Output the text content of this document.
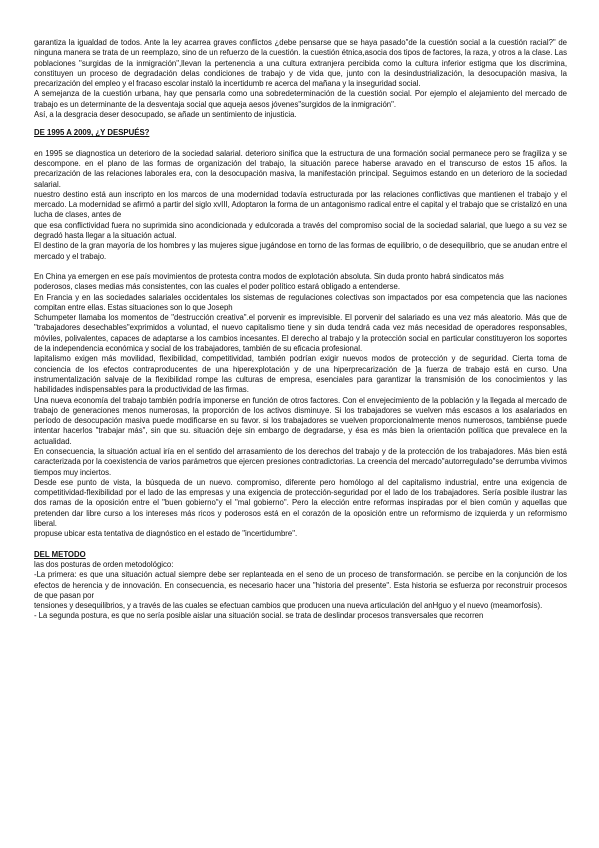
garantiza la igualdad de todos. Ante la ley acarrea graves conflictos ¿debe pensarse que se haya pasado"de la cuestión social a la cuestión racial?" de ninguna manera se trata de un reemplazo, sino de un refuerzo de la cuestión. la cuestión étnica,asocia dos tipos de factores, la raza, y otros a la clase. Las poblaciones "surgidas de la inmigración",llevan la pertenencia a una cultura extranjera percibida como la cultura inferior estigma que los discrimina, constituyen un proceso de degradación delas condiciones de trabajo y de vida que, junto con la desindustrialización, la desocupación masiva, la precarización del empleo y el fracaso escolar instalò la incertidumb re acerca del mañana y la inseguridad social.

A semejanza de la cuestión urbana, hay que pensarla como una sobredeterminación de la cuestión social. Por ejemplo el alejamiento del mercado de trabajo es un determinante de la desventaja social que aqueja aesos jóvenes"surgidos de la inmigración".

Así, a la desgracia deser desocupado, se añade un sentimiento de injusticia.

DE 1995 A 2009, ¿Y DESPUÉS?

en 1995 se diagnostica un deterioro de la sociedad salarial. deterioro sinifica que la estructura de una formación social permanece pero se fragiliza y se descompone. en el plano de las formas de organización del trabajo, la situación parece haberse aravado en el transcurso de estos 15 años. la precarización de las relaciones laborales era, con la desocupación masiva, la manifestación principal. Seguimos estando en un deterioro de la sociedad salarial.

nuestro destino está aun inscripto en los marcos de una modernidad todavía estructurada por las relaciones conflictivas que mantienen el trabajo y el mercado. La modernidad se afirmó a partir del siglo xvIII, Adoptaron la forma de un antagonismo radical entre el capital y el trabajo que se cristalizó en una lucha de clases, antes de

que esa conflictividad fuera no suprimida sino acondicionada y edulcorada a través del compromiso social de la sociedad salarial, que luego a su vez se degradó hasta llegar a la situación actual.

El destino de la gran mayoría de los hombres y las mujeres sigue jugándose en torno de las formas de equilibrio, o de desequilibrio, que se anudan entre el mercado y el trabajo.

En China ya emergen en ese país movimientos de protesta contra modos de explotación absoluta. Sin duda pronto habrá sindicatos más

poderosos, clases medias más consistentes, con las cuales el poder político estará obligado a entenderse.

En Francia y en las sociedades salariales occidentales los sistemas de regulaciones colectivas son impactados por esa competencia que las naciones compitan entre ellas. Estas situaciones son lo que Joseph

Schumpeter llamaba los momentos de "destrucción creativa".el porvenir es imprevisible. El porvenir del salariado es una vez más aleatorio. Más que de "trabajadores desechables"exprimidos a voluntad, el nuevo capitalismo tiene y sin duda tendrá cada vez más necesidad de operadores responsables, móviles, polivalentes, capaces de adaptarse a los cambios incesantes. El derecho al trabajo y la protección social en particular constituyeron los soportes de la independencia económica y social de los trabajadores, también de su eficacia profesional.

lapitalismo exigen más movilidad, flexibilidad, competitividad, también podrían exigir nuevos modos de protección y de seguridad. Cierta toma de conciencia de los efectos contraproducentes de una hiperexplotación y de una hiperprecarización de ]a fuerza de trabajo está en curso. Una instrumentalización salvaje de la flexibilidad rompe las culturas de empresa, esenciales para garantizar la transmisión de los conocimientos y las habilidades indispensables para la productividad de las firmas.

Una nueva economía del trabajo también podría imponerse en función de otros factores. Con el envejecimiento de la población y la llegada al mercado de trabajo de generaciones menos numerosas, la proporción de los activos disminuye. Si los trabajadores se vuelven más escasos a los asalariados en período de desocupación masiva puede modificarse en su favor. si los trabajadores se vuelven proporcionalmente menos numerosos, tambiénse puede intentar hacerlos "trabajar más", sin que su. situación deje sin embargo de degradarse, y ésa es más bien la orientación política que prevalece en la actualidad.

En consecuencia, la situación actual iría en el sentido del arrasamiento de los derechos del trabajo y de la protección de los trabajadores. Más bien está caracterizada por la coexistencia de varios parámetros que ejercen presiones contradictorias. La creencia del mercado"autorregulado"se derrumba vivimos tiempos muy inciertos.

Desde ese punto de vista, la búsqueda de un nuevo. compromiso, diferente pero homólogo al del capitalismo industrial, entre una exigencia de competitividad-flexibilidad por el lado de las empresas y una exigencia de protección-seguridad por el lado de los trabajadores. Sería posible ilustrar las dos ramas de la oposición entre el "buen gobierno"y el "mal gobierno". Pero la elección entre reformas inspiradas por el bien común y aquellas que pretenden dar libre curso a los intereses más ricos y poderosos está en el corazón de la oposición entre un reformismo de izquierda y un reformismo liberal.

propuse ubicar esta tentativa de diagnóstico en el estado de "incertidumbre".

DEL METODO

las dos posturas de orden metodológico:

-La primera: es que una situación actual siempre debe ser replanteada en el seno de un proceso de transformación. se percibe en la conjunción de los efectos de herencia y de innovación. En consecuencia, es necesario hacer una "historia del presente". Esta historia se esfuerza por reconstruir procesos de que pasan por

tensiones y desequilibrios, y a través de las cuales se efectuan cambios que producen una nueva articulación del anHguo y el nuevo (meamorfosis).

- La segunda postura, es que no sería posible aislar una situación social. se trata de deslindar procesos transversales que recorren
